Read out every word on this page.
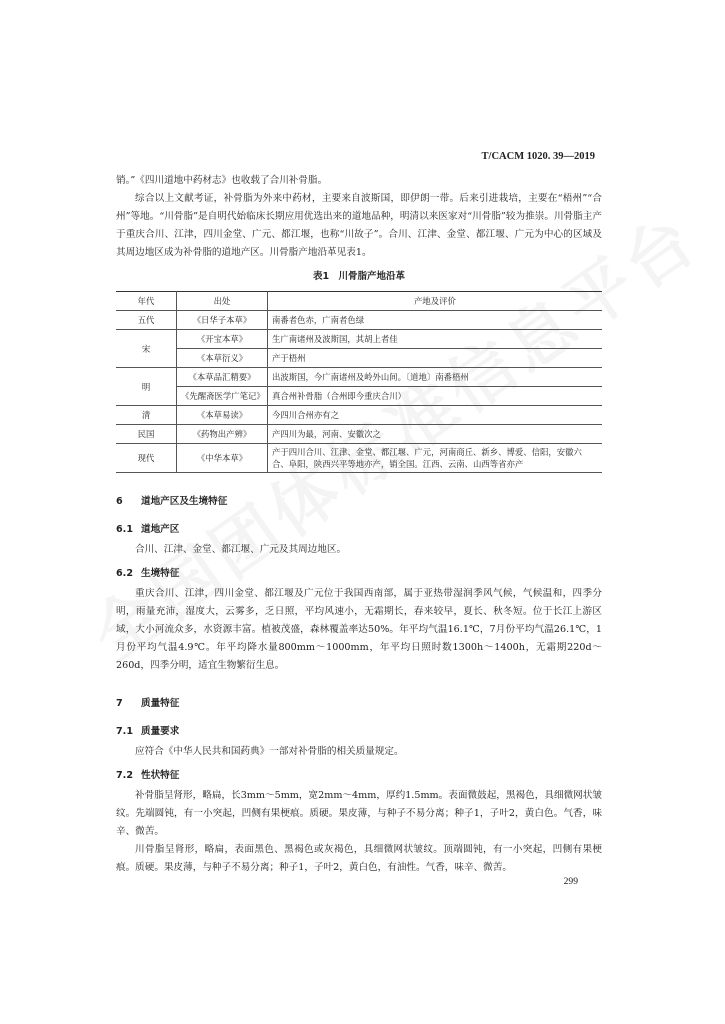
T/CACM 1020. 39—2019

销。”《四川道地中药材志》也收载了合川补骨脂。

综合以上文献考证，补骨脂为外来中药材，主要来自波斯国，即伊朗一带。后来引进栽培，主要在“梧州”“合州”等地。“川骨脂”是自明代始临床长期应用优选出来的道地品种，明清以来医家对“川骨脂”较为推崇。川骨脂主产于重庆合川、江津，四川金堂、广元、都江堰，也称“川故子”。合川、江津、金堂、都江堰、广元为中心的区域及其周边地区成为补骨脂的道地产区。川骨脂产地沿革见表1。

表1　川骨脂产地沿革
年代	出处	产地及评价
五代	《日华子本草》	南番者色赤，广南者色绿
宋	《开宝本草》	生广南诸州及波斯国，其胡上者佳
	《本草衍义》	产于梧州
明	《本草品汇精要》	出波斯国，今广南诸州及岭外山间。〔道地〕南番梧州
	《先醒斋医学广笔记》	真合州补骨脂（合州即今重庆合川）
清	《本草易读》	今四川合州亦有之
民国	《药物出产辨》	产四川为最，河南、安徽次之
现代	《中华本草》	产于四川合川、江津、金堂、都江堰、广元，河南商丘、新乡、博爱、信阳，安徽六合、阜阳，陕西兴平等地亦产，销全国。江西、云南、山西等省亦产
6 道地产区及生境特征
6.1 道地产区

合川、江津、金堂、都江堰、广元及其周边地区。

6.2 生境特征

重庆合川、江津，四川金堂、都江堰及广元位于我国西南部，属于亚热带湿润季风气候，气候温和，四季分明，雨量充沛，湿度大，云雾多，乏日照，平均风速小，无霜期长，春来较早，夏长、秋冬短。位于长江上游区域，大小河流众多，水资源丰富。植被茂盛，森林覆盖率达50%。年平均气温16.1℃，7月份平均气温26.1℃，1月份平均气温4.9℃。年平均降水量800mm～1000mm，年平均日照时数1300h～1400h，无霜期220d～260d，四季分明，适宜生物繁衍生息。

7 质量特征
7.1 质量要求

应符合《中华人民共和国药典》一部对补骨脂的相关质量规定。

7.2 性状特征

补骨脂呈肾形，略扁，长3mm～5mm，宽2mm～4mm，厚约1.5mm。表面微鼓起，黑褐色，具细微网状皱纹。先端圆钝，有一小突起，凹侧有果梗痕。质硬。果皮薄，与种子不易分离；种子1，子叶2，黄白色。气香，味辛、微苦。

川骨脂呈肾形，略扁，表面黑色、黑褐色或灰褐色，具细微网状皱纹。顶端圆钝，有一小突起，凹侧有果梗痕。质硬。果皮薄，与种子不易分离；种子1，子叶2，黄白色，有油性。气香，味辛、微苦。

299
